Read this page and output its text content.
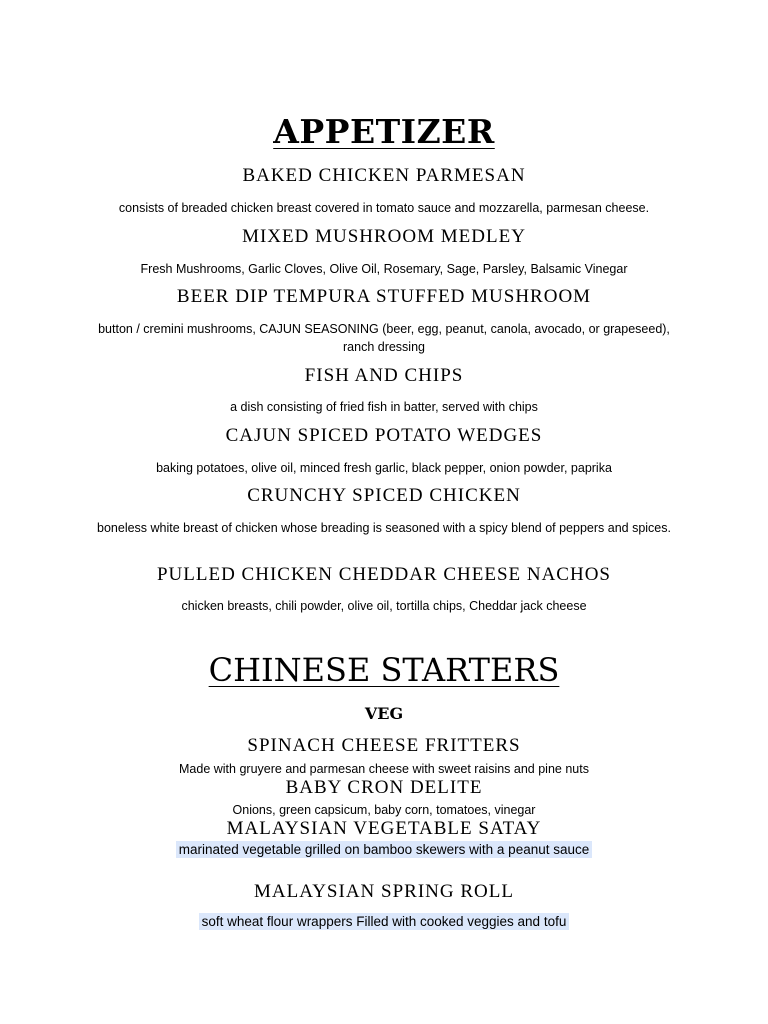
APPETIZER
BAKED CHICKEN PARMESAN
consists of breaded chicken breast covered in tomato sauce and mozzarella, parmesan cheese.
MIXED MUSHROOM MEDLEY
Fresh Mushrooms, Garlic Cloves, Olive Oil, Rosemary, Sage, Parsley, Balsamic Vinegar
BEER DIP TEMPURA STUFFED MUSHROOM
button / cremini mushrooms, CAJUN SEASONING (beer, egg, peanut, canola, avocado, or grapeseed), ranch dressing
FISH AND CHIPS
a dish consisting of fried fish in batter, served with chips
CAJUN SPICED POTATO WEDGES
baking potatoes, olive oil, minced fresh garlic, black pepper, onion powder, paprika
CRUNCHY SPICED CHICKEN
boneless white breast of chicken whose breading is seasoned with a spicy blend of peppers and spices.
PULLED CHICKEN CHEDDAR CHEESE NACHOS
chicken breasts, chili powder, olive oil, tortilla chips, Cheddar jack cheese
CHINESE STARTERS
VEG
SPINACH CHEESE FRITTERS
Made with gruyere and parmesan cheese with sweet raisins and pine nuts
BABY CRON DELITE
Onions, green capsicum, baby corn, tomatoes, vinegar
MALAYSIAN VEGETABLE SATAY
marinated vegetable grilled on bamboo skewers with a peanut sauce
MALAYSIAN SPRING ROLL
soft wheat flour wrappers Filled with cooked veggies and tofu
